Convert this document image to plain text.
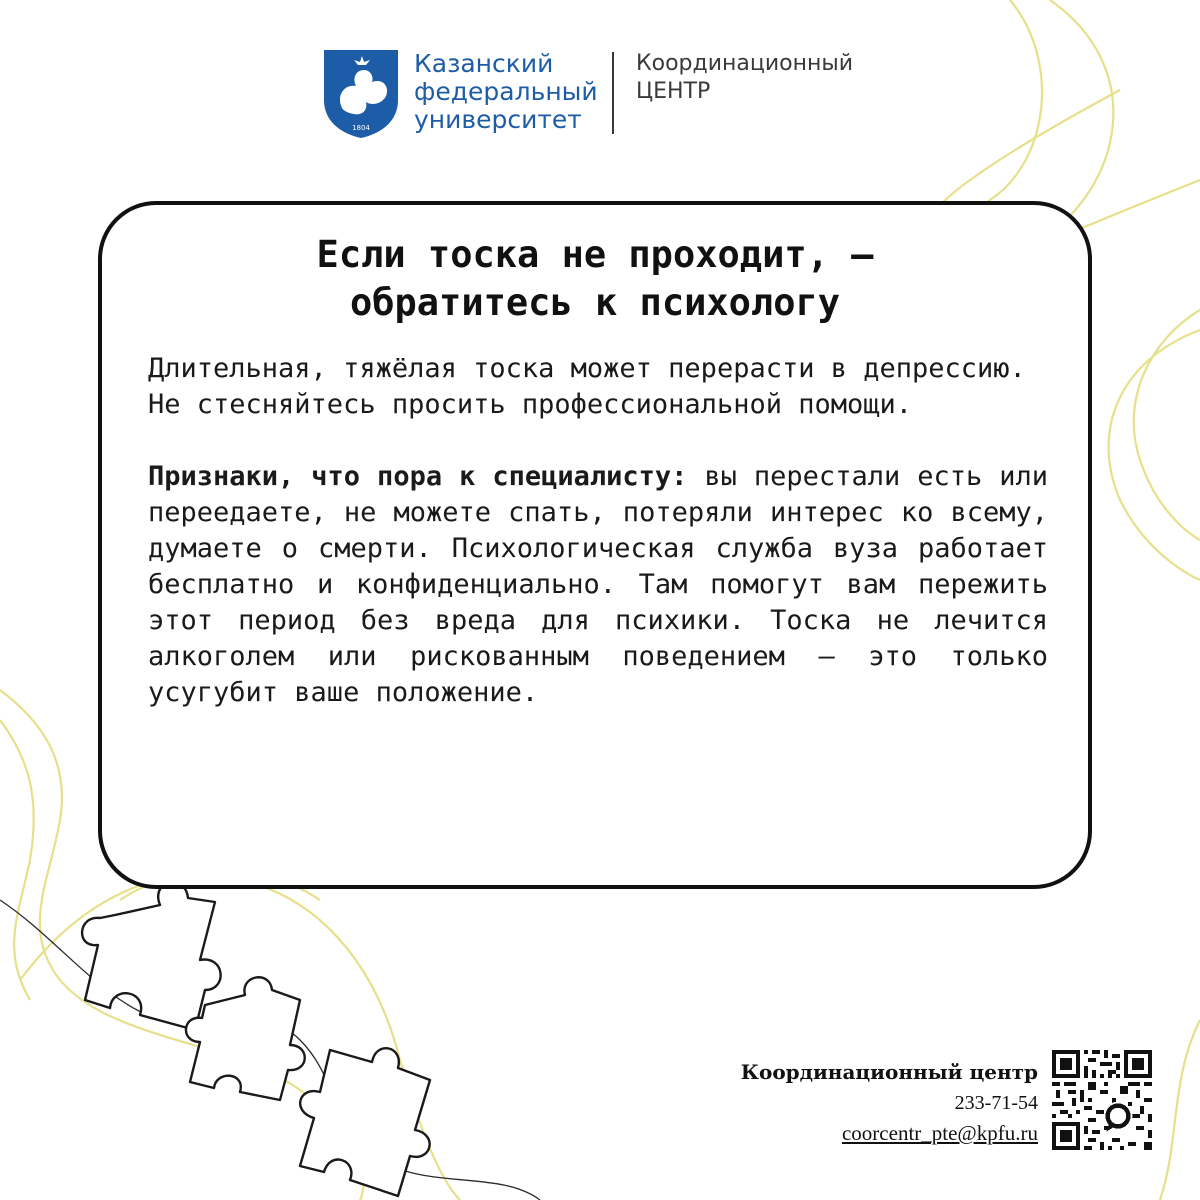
1804
Казанский
федеральный
университет
Координационный
ЦЕНТР
Если тоска не проходит, –
обратитесь к психологу

Длительная, тяжёлая тоска может перерасти в депрессию.

Не стесняйтесь просить профессиональной помощи.

Признаки, что пора к специалисту: вы перестали есть или переедаете, не можете спать, потеряли интерес ко всему, думаете о смерти. Психологическая служба вуза работает бесплатно и конфиденциально. Там помогут вам пережить этот период без вреда для психики. Тоска не лечится алкоголем или рискованным поведением – это только усугубит ваше положение.

Координационный центр
233-71-54
coorcentr_pte@kpfu.ru
